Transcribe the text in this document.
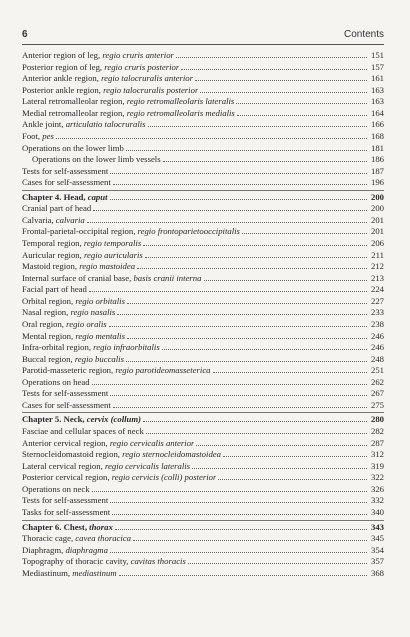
6	Contents
Anterior region of leg, regio cruris anterior	151
Posterior region of leg, regio cruris posterior	157
Anterior ankle region, regio talocruralis anterior	161
Posterior ankle region, regio talocruralis posterior	163
Lateral retromalleolar region, regio retromalleolaris lateralis	163
Medial retromalleolar region, regio retromalleolaris medialis	164
Ankle joint, articulatio talocruralis	166
Foot, pes	168
Operations on the lower limb	181
Operations on the lower limb vessels	186
Tests for self-assessment	187
Cases for self-assessment	196
Chapter 4. Head, caput	200
Cranial part of head	200
Calvaria, calvaria	201
Frontal-parietal-occipital region, regio frontoparietooccipitalis	201
Temporal region, regio temporalis	206
Auricular region, regio auricularis	211
Mastoid region, regio mastoidea	212
Internal surface of cranial base, basis cranii interna	213
Facial part of head	224
Orbital region, regio orbitalis	227
Nasal region, regio nasalis	233
Oral region, regio oralis	238
Mental region, regio mentalis	246
Infra-orbital region, regio infraorbitalis	246
Buccal region, regio buccalis	248
Parotid-masseteric region, regio parotideomasseterica	251
Operations on head	262
Tests for self-assessment	267
Cases for self-assessment	275
Chapter 5. Neck, cervix (collum)	280
Fasciae and cellular spaces of neck	282
Anterior cervical region, regio cervicalis anterior	287
Sternocleidomastoid region, regio sternocleidomastoidea	312
Lateral cervical region, regio cervicalis lateralis	319
Posterior cervical region, regio cervicis (colli) posterior	322
Operations on neck	326
Tests for self-assessment	332
Tasks for self-assessment	340
Chapter 6. Chest, thorax	343
Thoracic cage, cavea thoracica	345
Diaphragm, diaphragma	354
Topography of thoracic cavity, cavitas thoracis	357
Mediastinum, mediastinum	368
